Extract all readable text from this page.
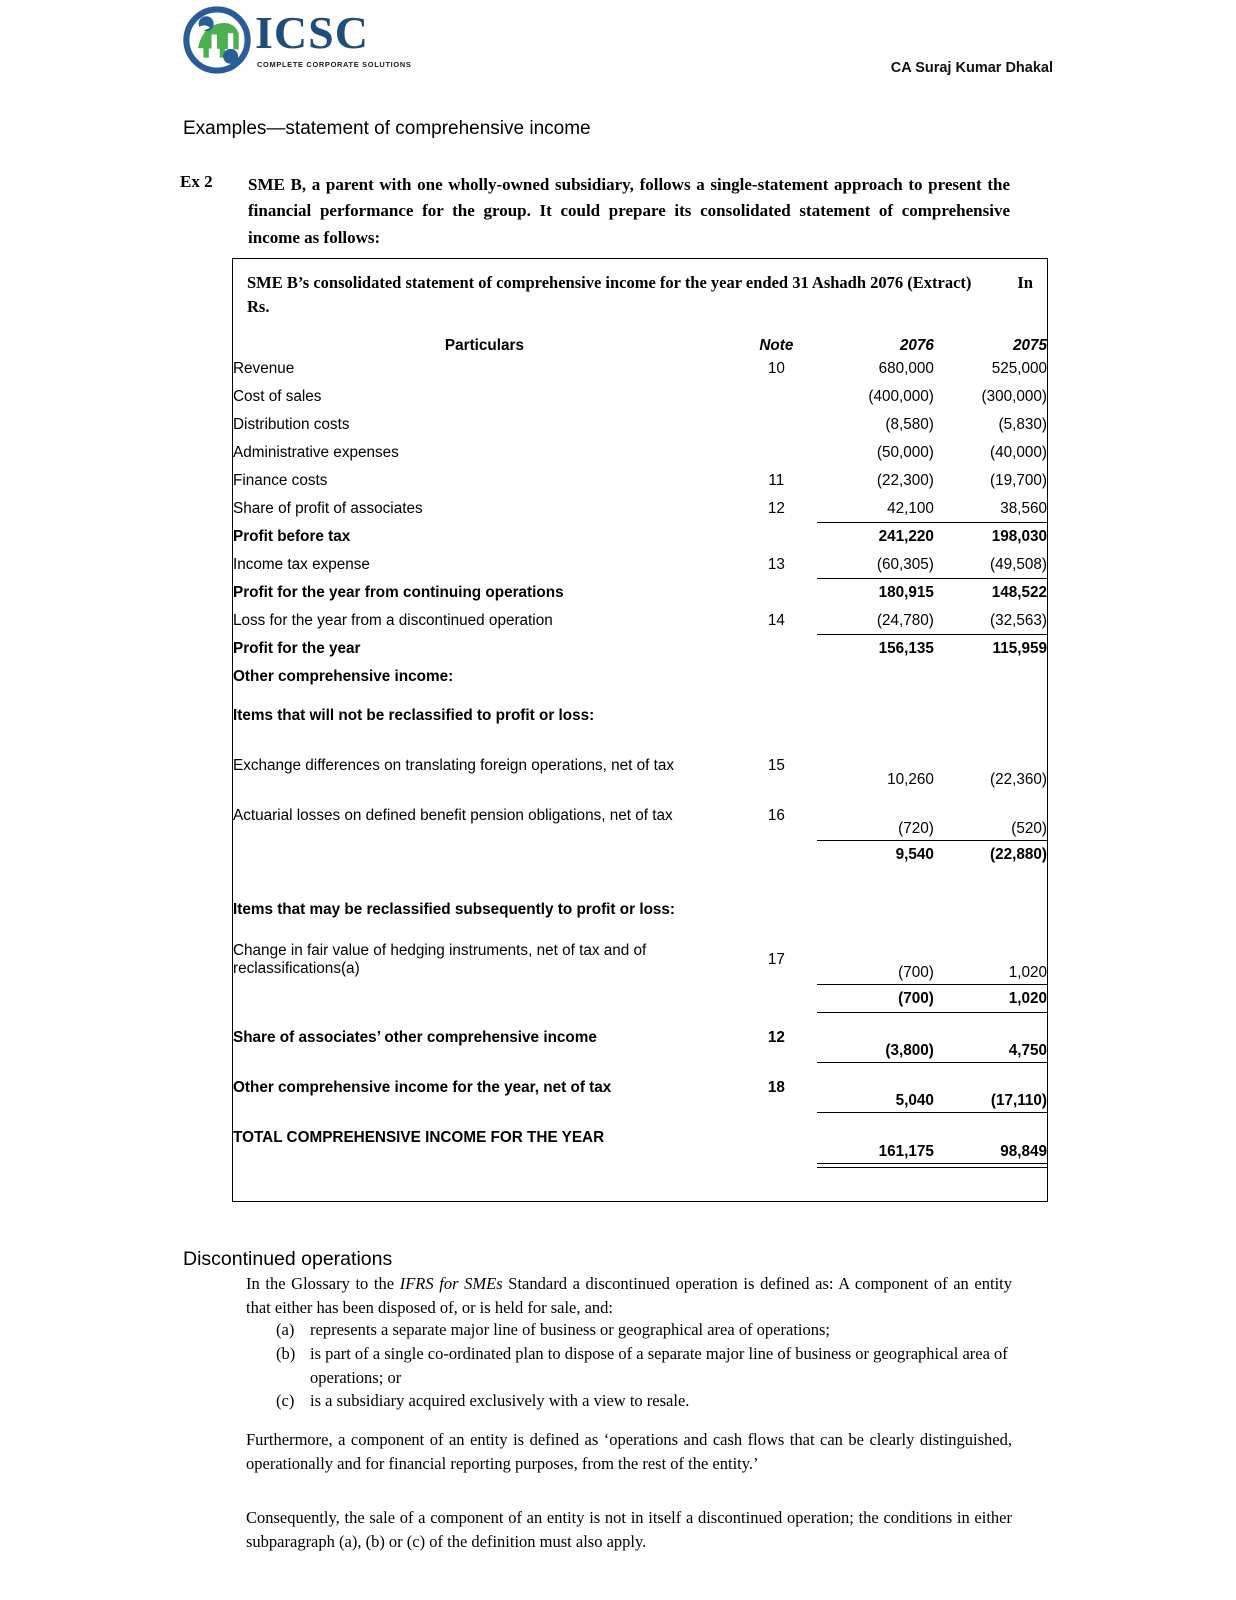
ICSC
COMPLETE CORPORATE SOLUTIONS	CA Suraj Kumar Dhakal
Examples—statement of comprehensive income
Ex 2 SME B, a parent with one wholly-owned subsidiary, follows a single-statement approach to present the financial performance for the group. It could prepare its consolidated statement of comprehensive income as follows:
In
SME B’s consolidated statement of comprehensive income for the year ended 31 Ashadh 2076 (Extract)
Rs.
Particulars	Note	2076	2075
Revenue	10	680,000	525,000
Cost of sales		(400,000)	(300,000)
Distribution costs		(8,580)	(5,830)
Administrative expenses		(50,000)	(40,000)
Finance costs	11	(22,300)	(19,700)
Share of profit of associates	12	42,100	38,560
Profit before tax		241,220	198,030
Income tax expense	13	(60,305)	(49,508)
Profit for the year from continuing operations		180,915	148,522
Loss for the year from a discontinued operation	14	(24,780)	(32,563)
Profit for the year		156,135	115,959
Other comprehensive income:			
Items that will not be reclassified to profit or loss:			
Exchange differences on translating foreign operations, net of tax	15	10,260	(22,360)
Actuarial losses on defined benefit pension obligations, net of tax	16	(720)	(520)
		9,540	(22,880)

Items that may be reclassified subsequently to profit or loss:			
Change in fair value of hedging instruments, net of tax and of reclassifications(a)	17	(700)	1,020
		(700)	1,020
Share of associates’ other comprehensive income	12	(3,800)	4,750
Other comprehensive income for the year, net of tax	18	5,040	(17,110)
TOTAL COMPREHENSIVE INCOME FOR THE YEAR		161,175	98,849

Discontinued operations
In the Glossary to the IFRS for SMEs Standard a discontinued operation is defined as: A component of an entity that either has been disposed of, or is held for sale, and:
(a) represents a separate major line of business or geographical area of operations;
(b) is part of a single co-ordinated plan to dispose of a separate major line of business or geographical area of operations; or
(c) is a subsidiary acquired exclusively with a view to resale.
Furthermore, a component of an entity is defined as ‘operations and cash flows that can be clearly distinguished, operationally and for financial reporting purposes, from the rest of the entity.’
Consequently, the sale of a component of an entity is not in itself a discontinued operation; the conditions in either subparagraph (a), (b) or (c) of the definition must also apply.
